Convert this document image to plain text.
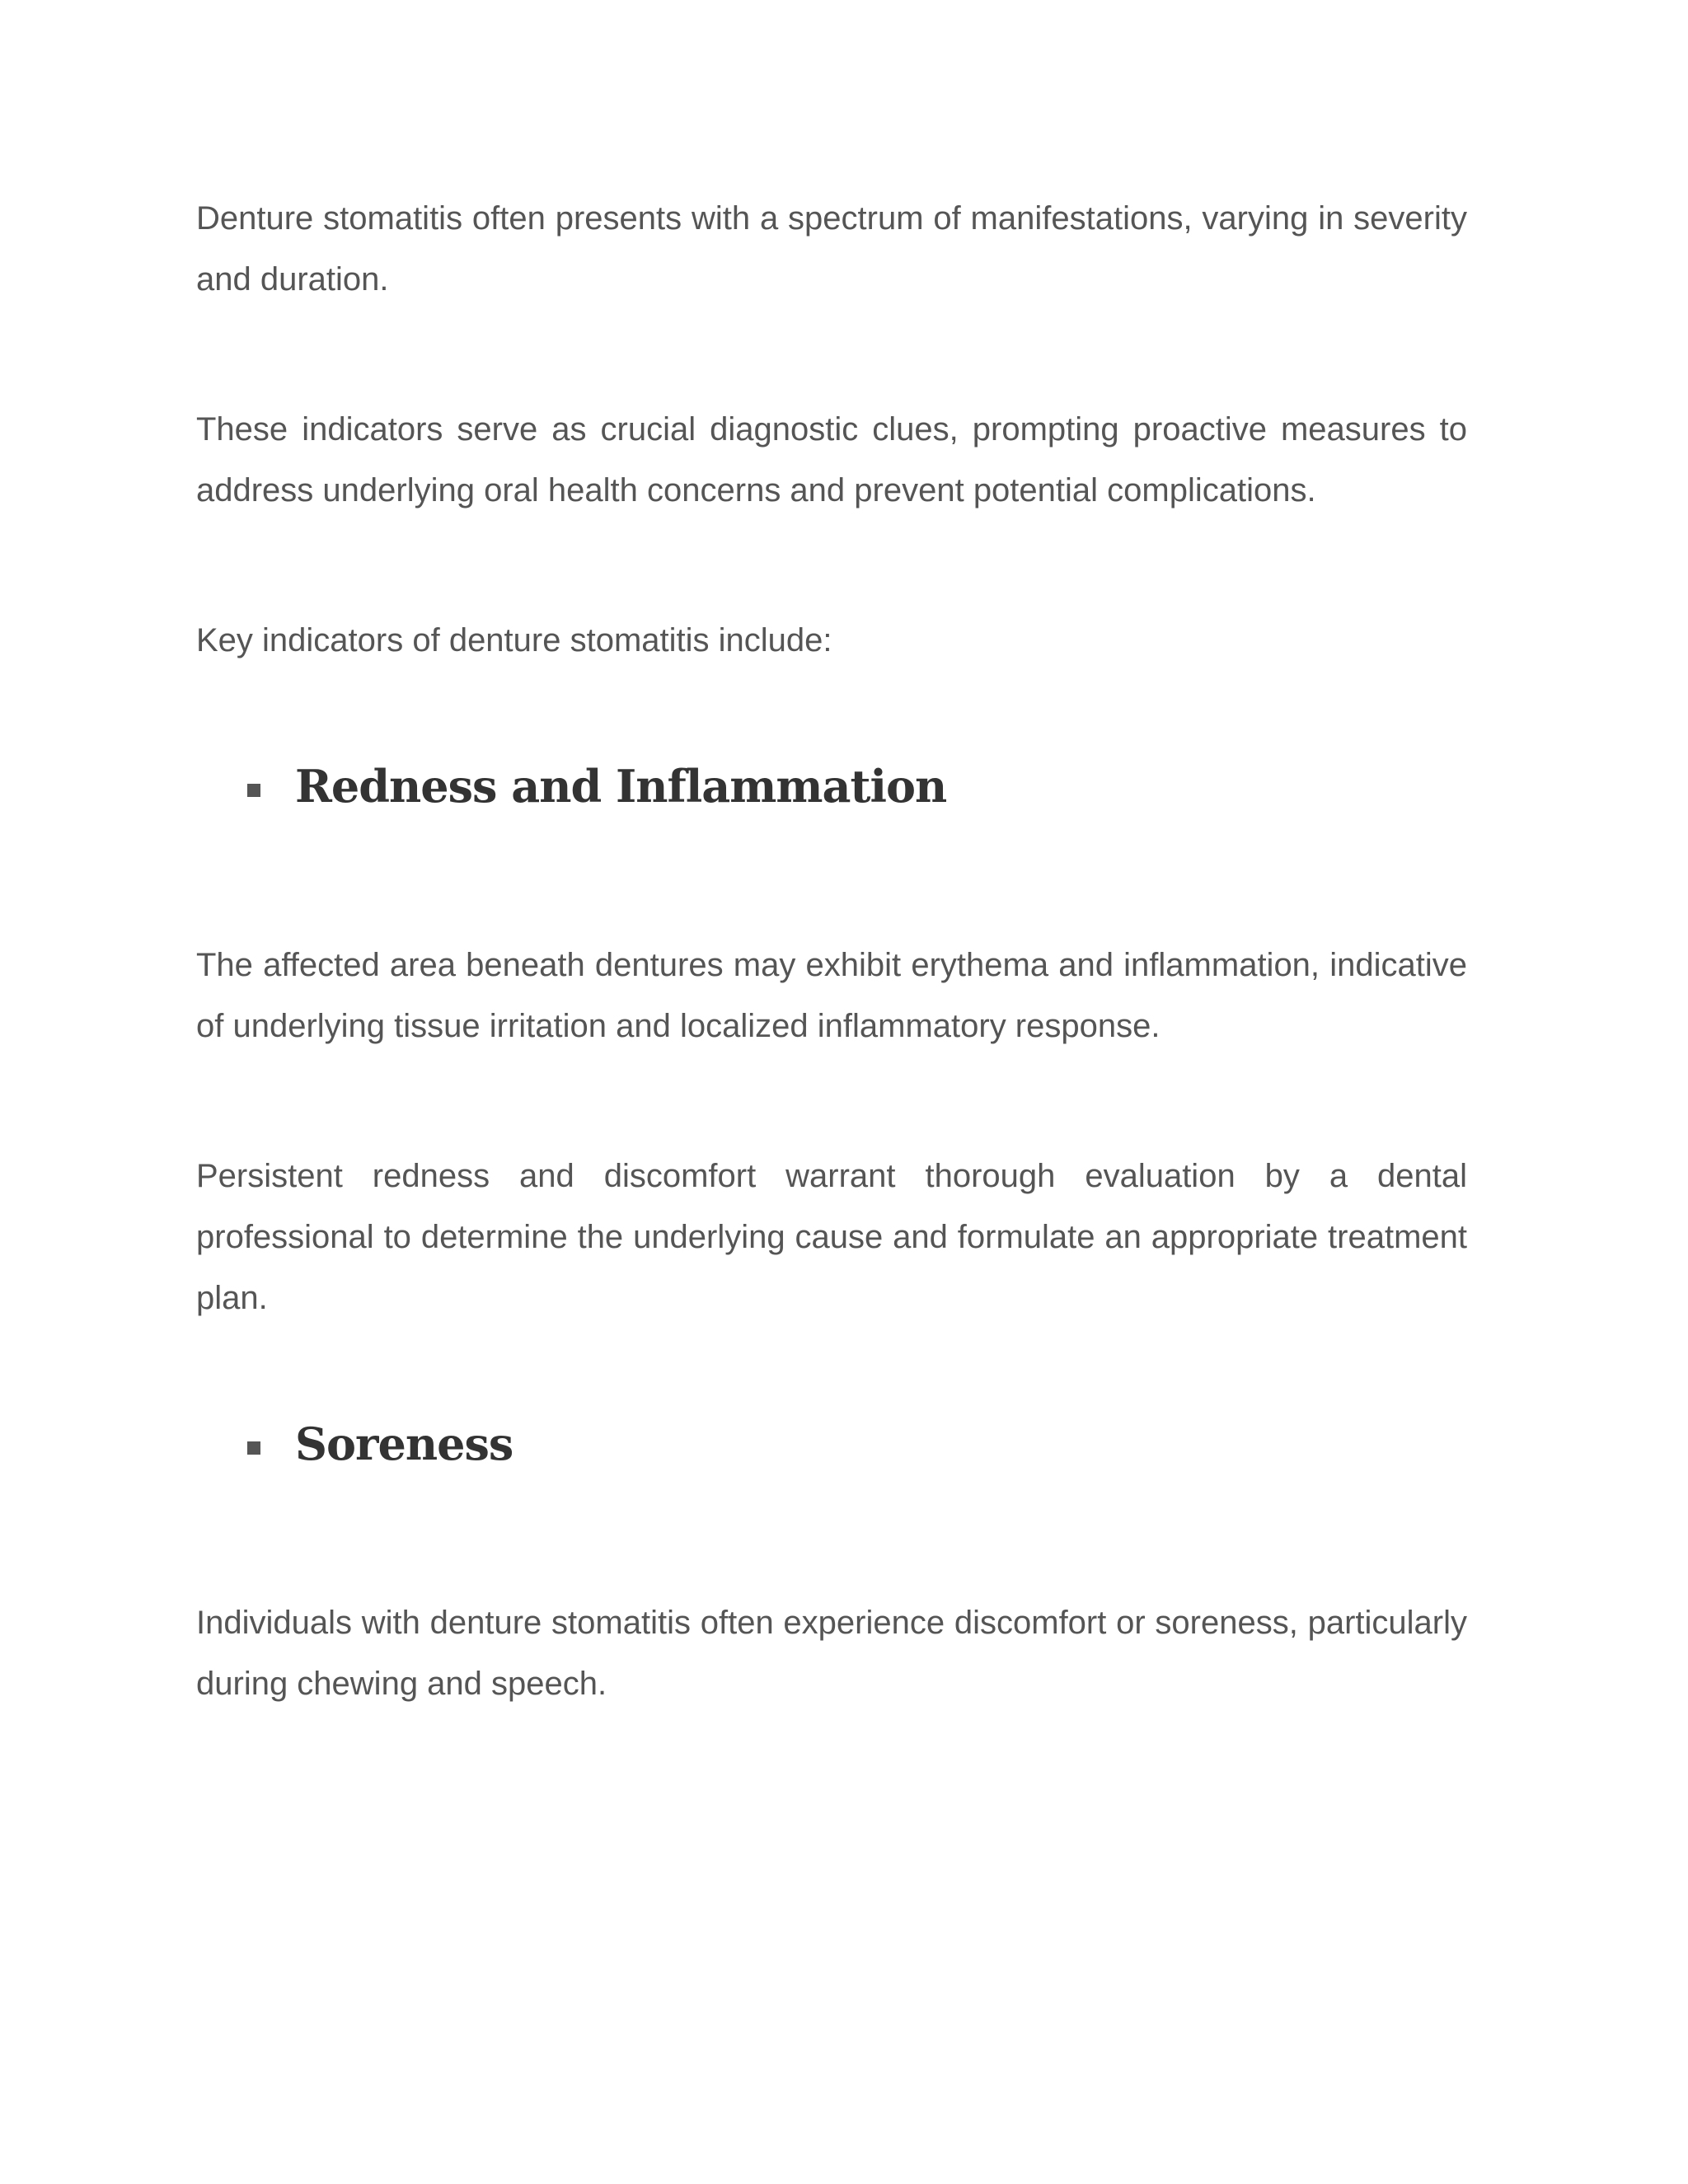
Denture stomatitis often presents with a spectrum of manifestations, varying in severity and duration.

These indicators serve as crucial diagnostic clues, prompting proactive measures to address underlying oral health concerns and prevent potential complications.

Key indicators of denture stomatitis include:

Redness and Inflammation

The affected area beneath dentures may exhibit erythema and inflammation, indicative of underlying tissue irritation and localized inflammatory response.

Persistent redness and discomfort warrant thorough evaluation by a dental professional to determine the underlying cause and formulate an appropriate treatment plan.

Soreness

Individuals with denture stomatitis often experience discomfort or soreness, particularly during chewing and speech.
